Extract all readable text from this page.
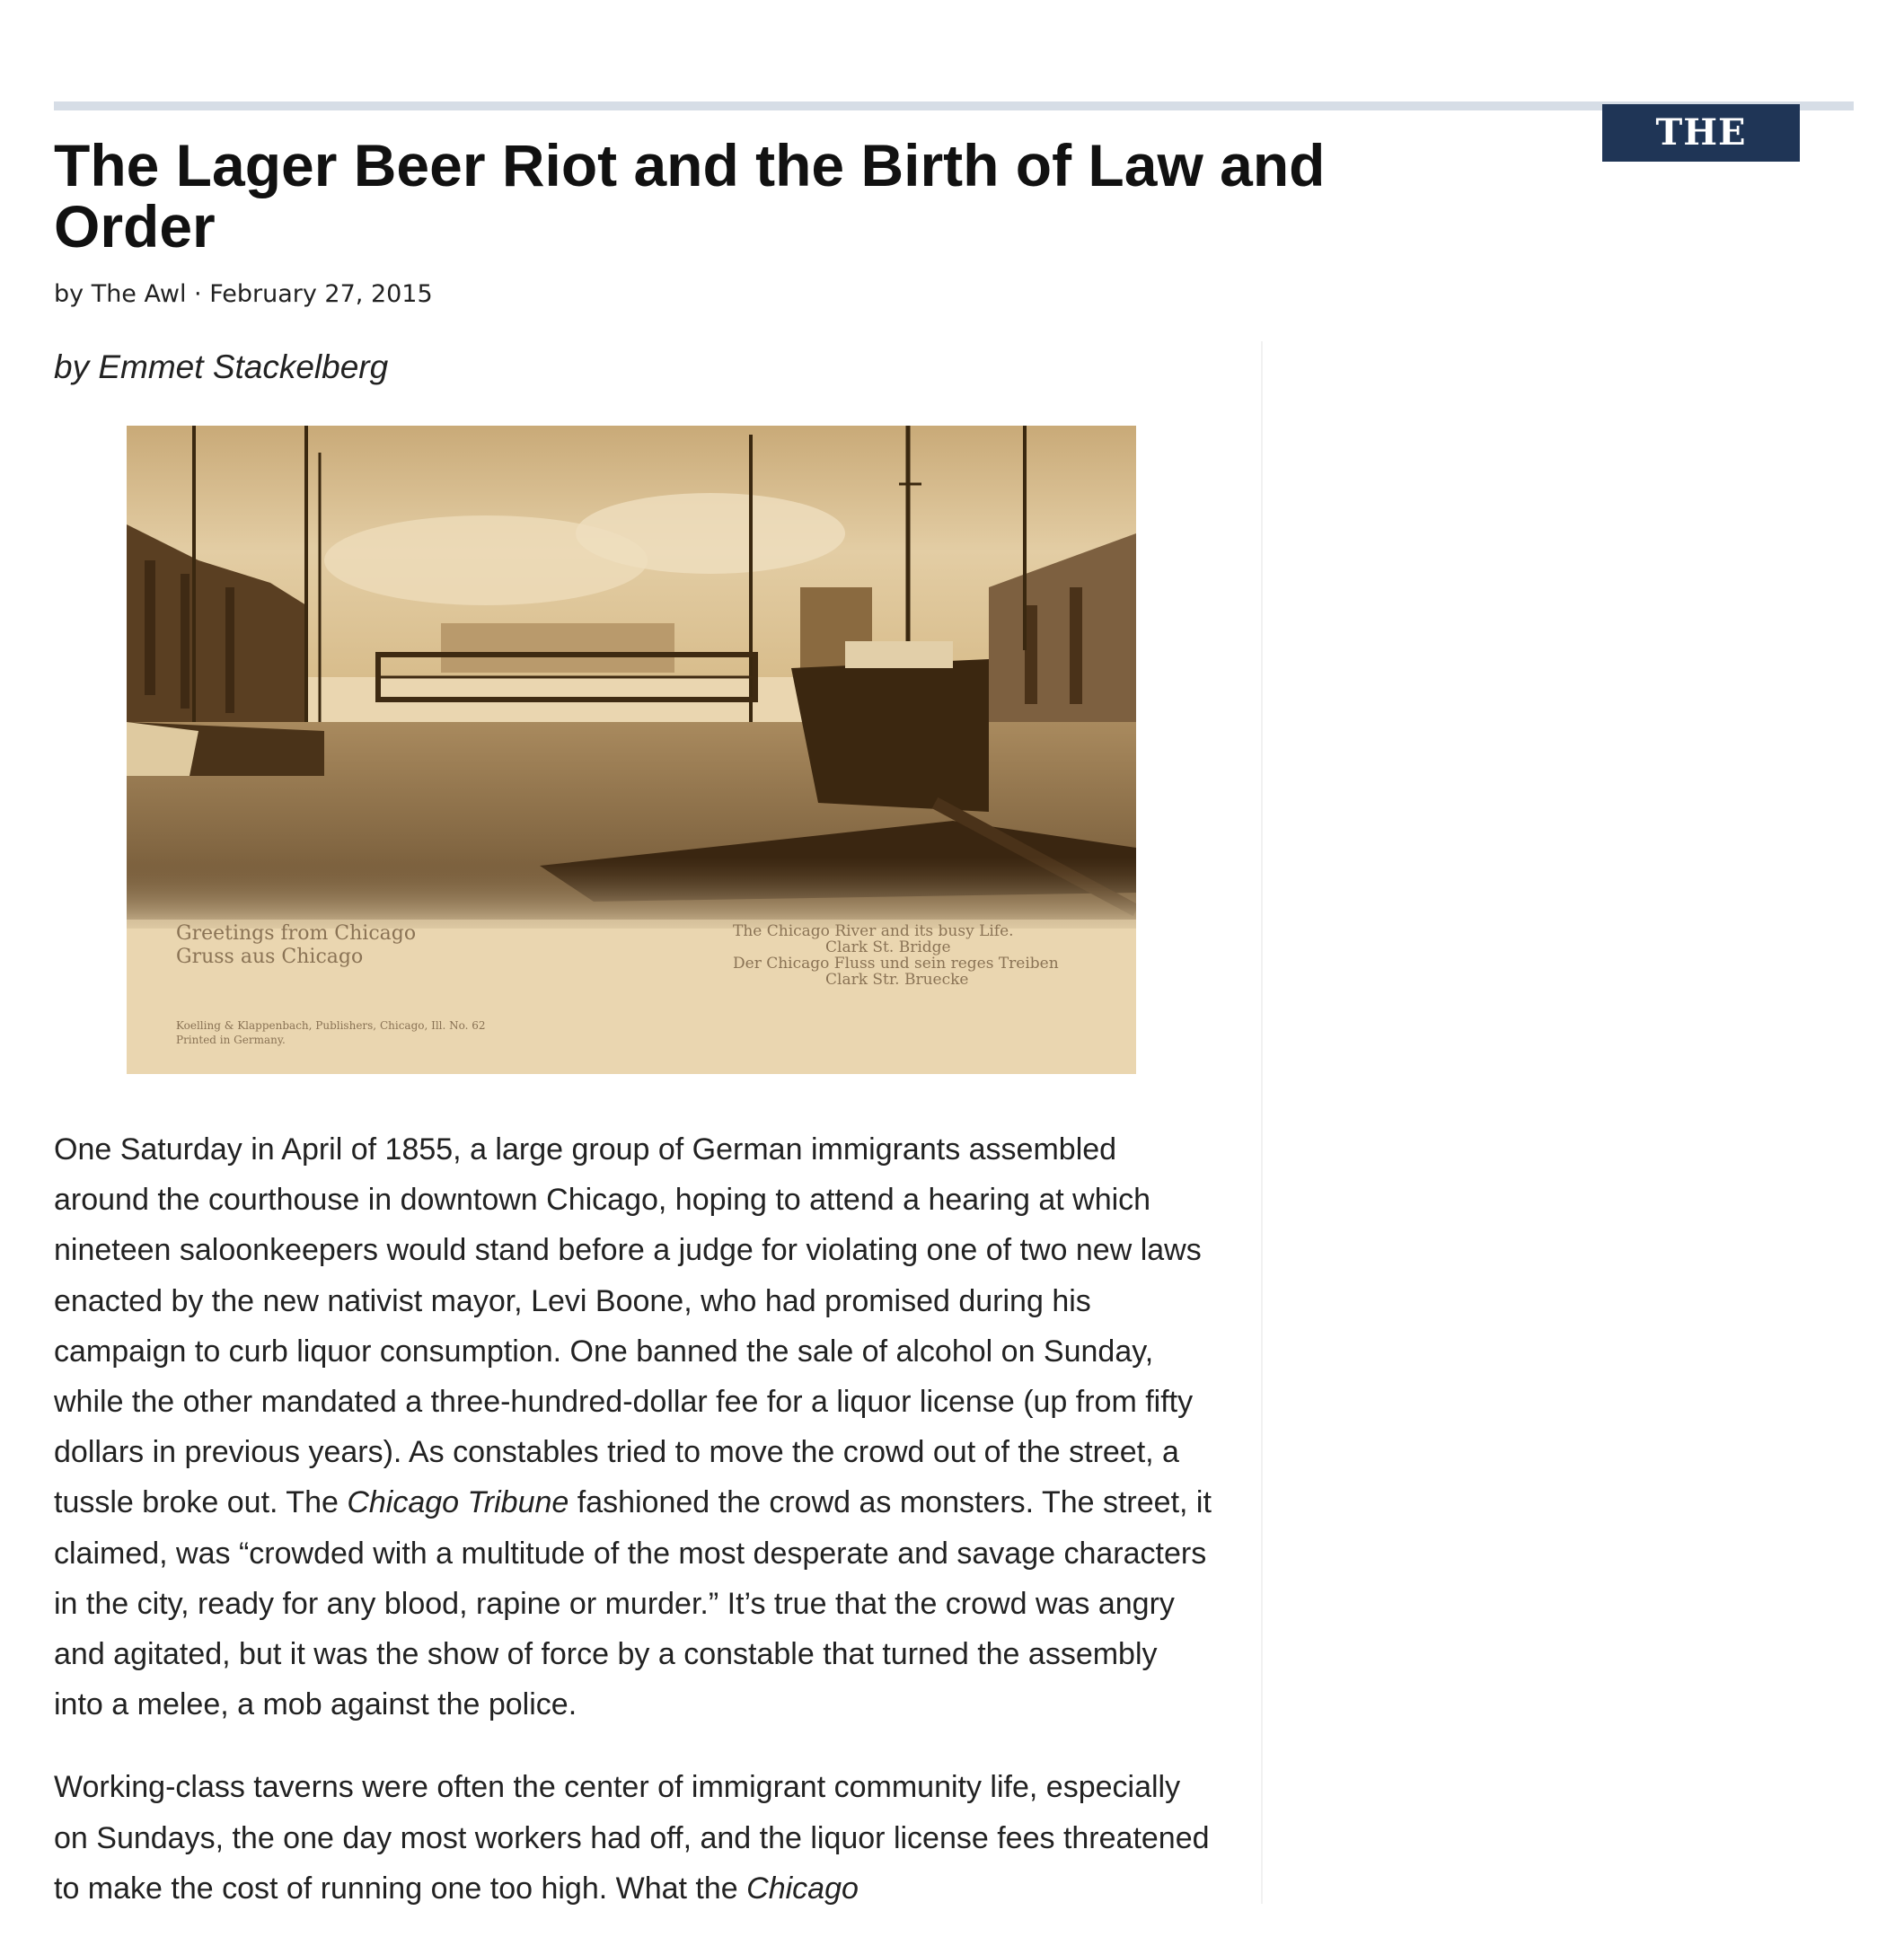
THE AWL
The Lager Beer Riot and the Birth of Law and Order
by The Awl · February 27, 2015
by Emmet Stackelberg
Greetings from Chicago
Gruss aus Chicago
The Chicago River and its busy Life.
Clark St. Bridge
Der Chicago Fluss und sein reges Treiben
Clark Str. Bruecke
Koelling & Klappenbach, Publishers, Chicago, Ill. No. 62
Printed in Germany.

One Saturday in April of 1855, a large group of German immigrants assembled around the courthouse in downtown Chicago, hoping to attend a hearing at which nineteen saloonkeepers would stand before a judge for violating one of two new laws enacted by the new nativist mayor, Levi Boone, who had promised during his campaign to curb liquor consumption. One banned the sale of alcohol on Sunday, while the other mandated a three-hundred-dollar fee for a liquor license (up from fifty dollars in previous years). As constables tried to move the crowd out of the street, a tussle broke out. The Chicago Tribune fashioned the crowd as monsters. The street, it claimed, was “crowded with a multitude of the most desperate and savage characters in the city, ready for any blood, rapine or murder.” It’s true that the crowd was angry and agitated, but it was the show of force by a constable that turned the assembly into a melee, a mob against the police.

Working-class taverns were often the center of immigrant community life, especially on Sundays, the one day most workers had off, and the liquor license fees threatened to make the cost of running one too high. What the Chicago
